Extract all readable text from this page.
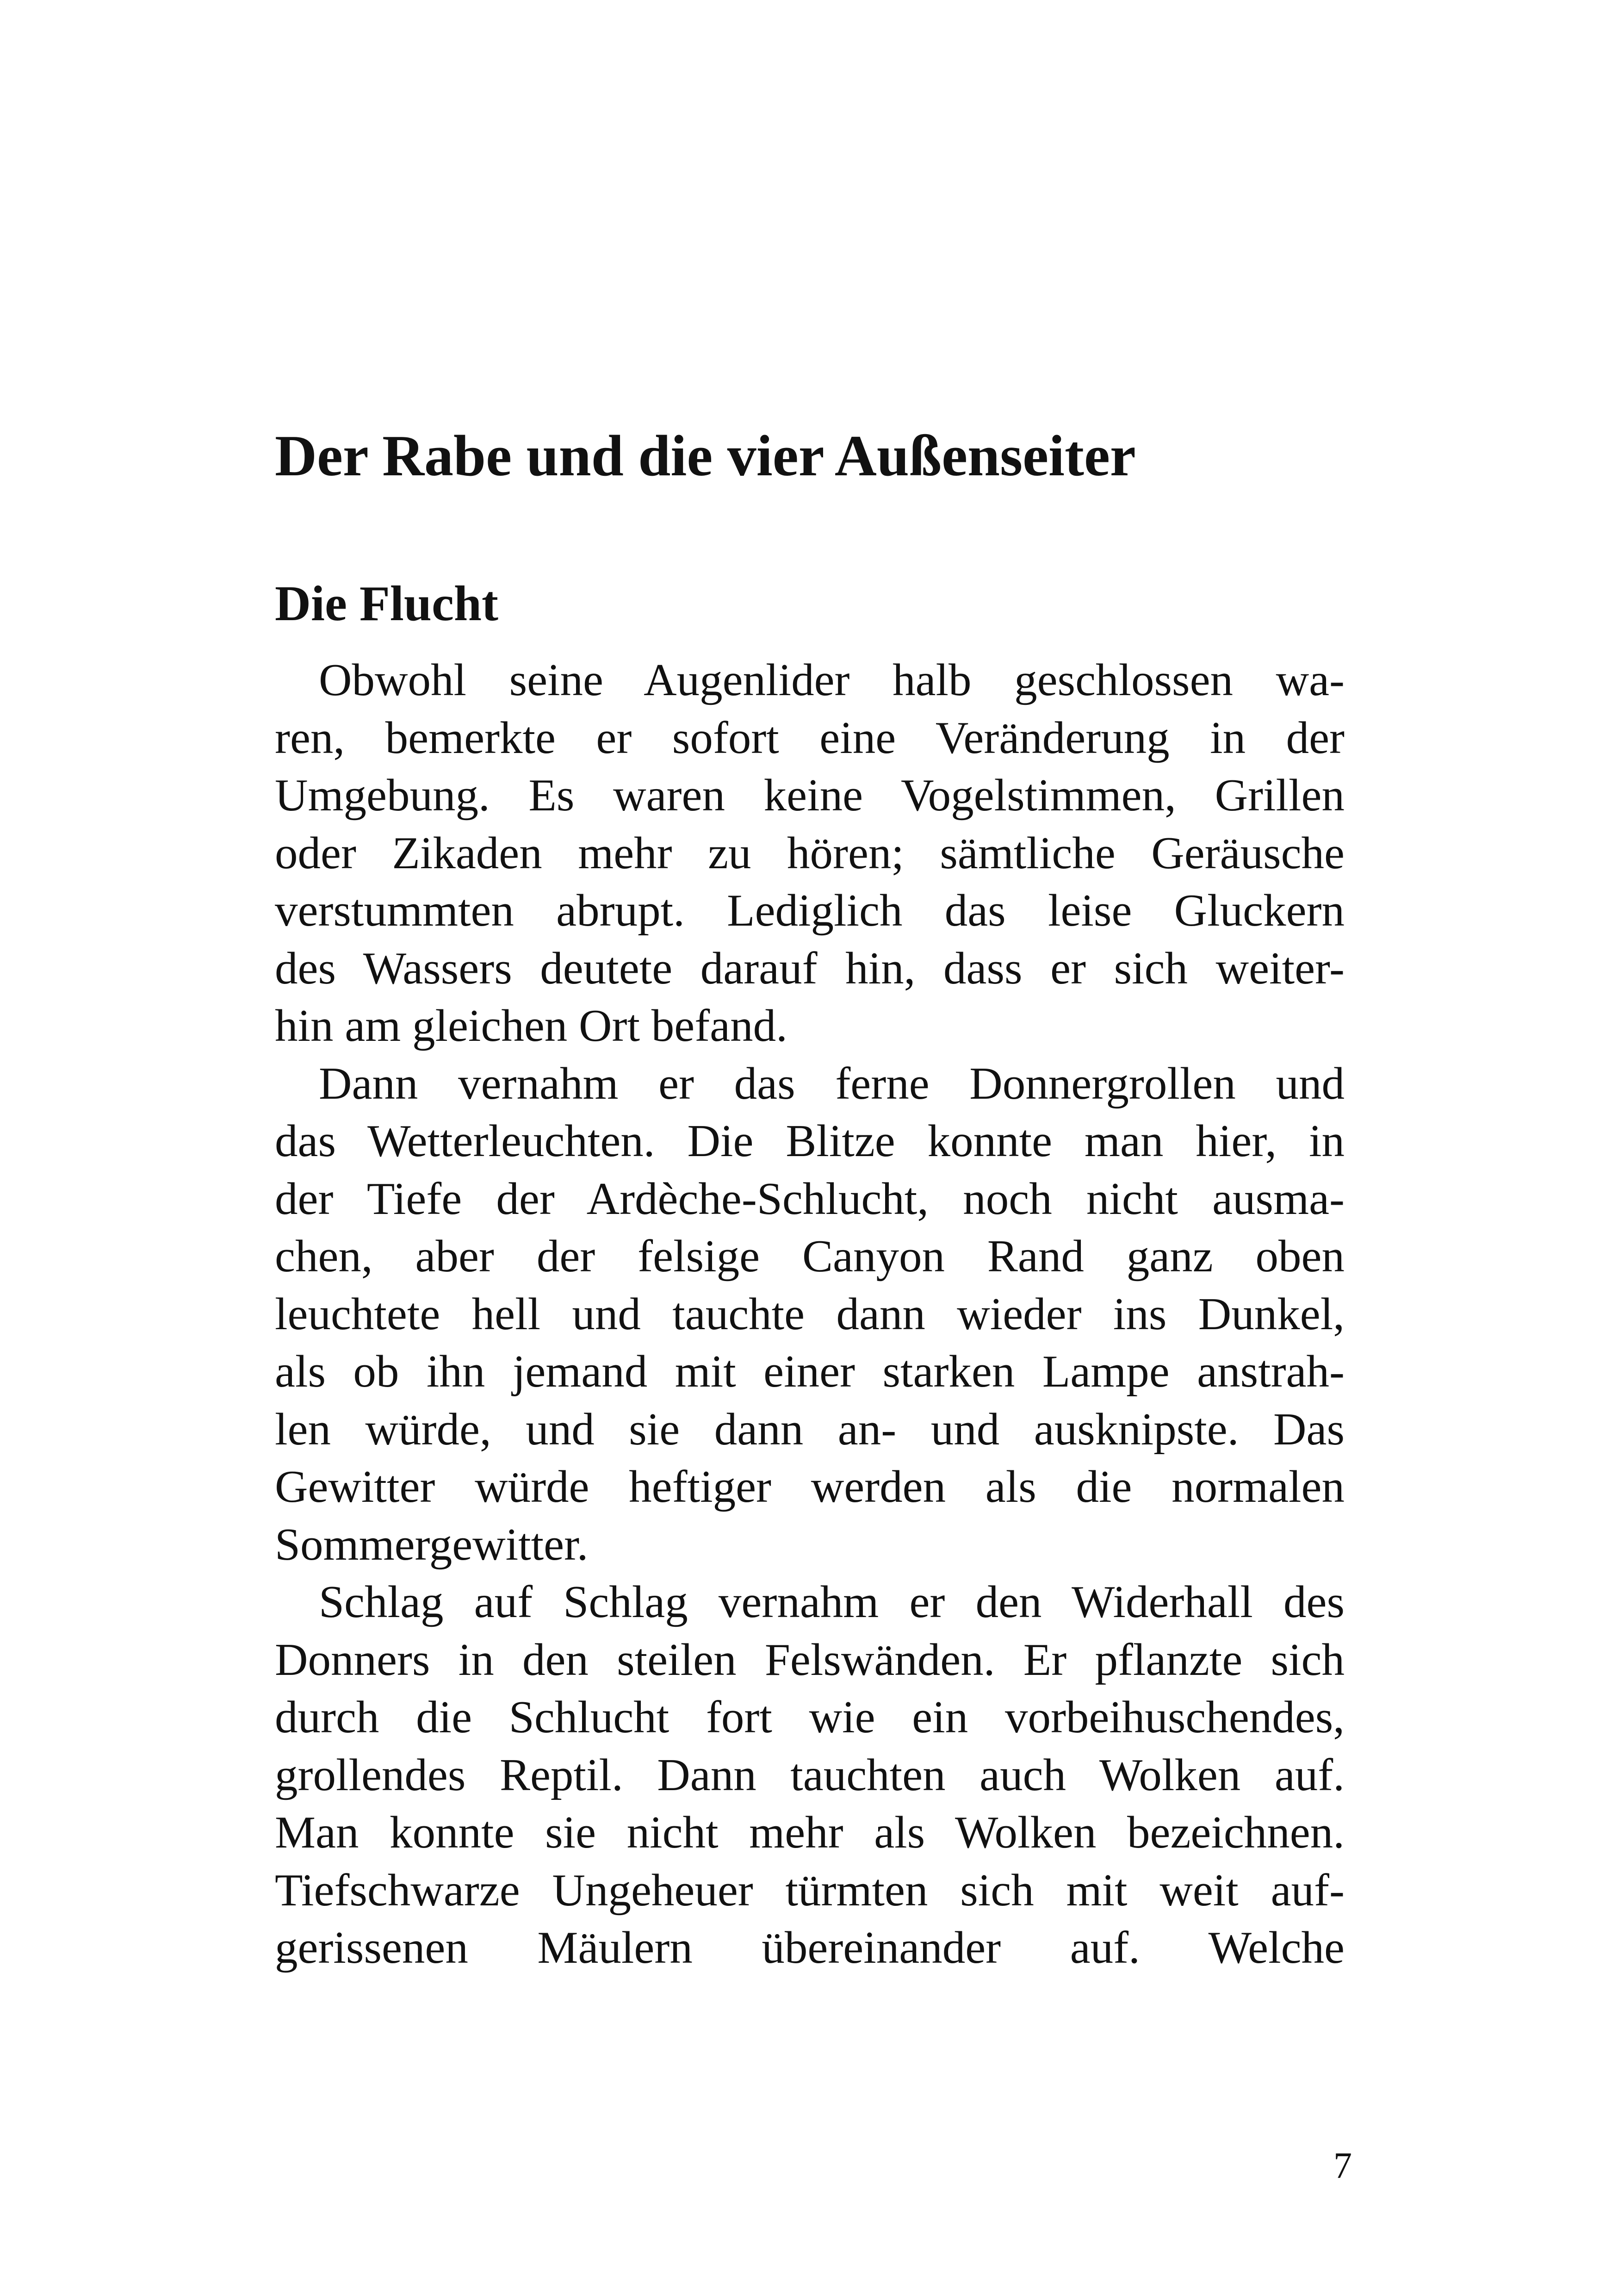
Der Rabe und die vier Außenseiter
Die Flucht

Obwohl seine Augenlider halb geschlossen wa-
ren, bemerkte er sofort eine Veränderung in der
Umgebung. Es waren keine Vogelstimmen, Grillen
oder Zikaden mehr zu hören; sämtliche Geräusche
verstummten abrupt. Lediglich das leise Gluckern
des Wassers deutete darauf hin, dass er sich weiter-
hin am gleichen Ort befand.

Dann vernahm er das ferne Donnergrollen und
das Wetterleuchten. Die Blitze konnte man hier, in
der Tiefe der Ardèche-Schlucht, noch nicht ausma-
chen, aber der felsige Canyon Rand ganz oben
leuchtete hell und tauchte dann wieder ins Dunkel,
als ob ihn jemand mit einer starken Lampe anstrah-
len würde, und sie dann an- und ausknipste. Das
Gewitter würde heftiger werden als die normalen
Sommergewitter.

Schlag auf Schlag vernahm er den Widerhall des
Donners in den steilen Felswänden. Er pflanzte sich
durch die Schlucht fort wie ein vorbeihuschendes,
grollendes Reptil. Dann tauchten auch Wolken auf.
Man konnte sie nicht mehr als Wolken bezeichnen.
Tiefschwarze Ungeheuer türmten sich mit weit auf-
gerissenen Mäulern übereinander auf. Welche

7
